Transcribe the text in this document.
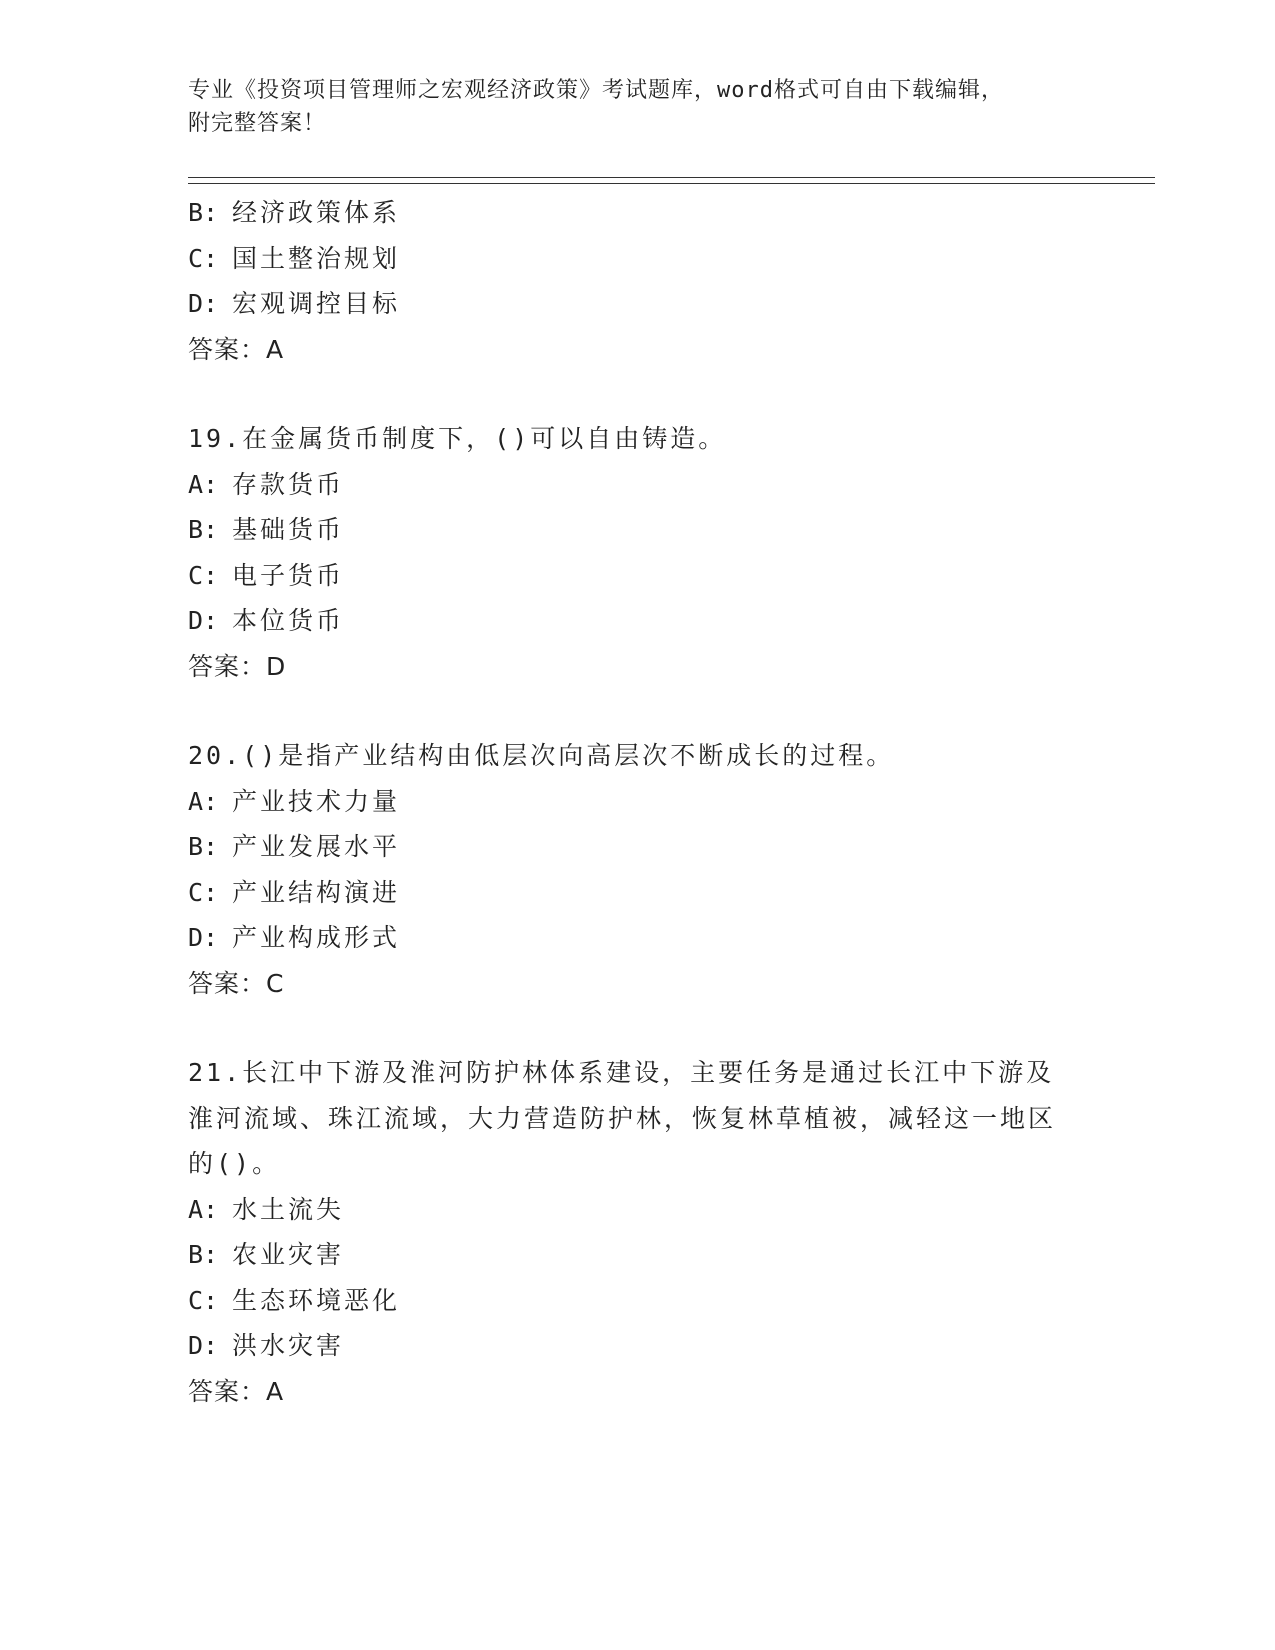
专业《投资项目管理师之宏观经济政策》考试题库，word格式可自由下载编辑，
附完整答案！
B: 经济政策体系
C: 国土整治规划
D: 宏观调控目标
答案：A
19.在金属货币制度下，()可以自由铸造。
A: 存款货币
B: 基础货币
C: 电子货币
D: 本位货币
答案：D
20.()是指产业结构由低层次向高层次不断成长的过程。
A: 产业技术力量
B: 产业发展水平
C: 产业结构演进
D: 产业构成形式
答案：C
21.长江中下游及淮河防护林体系建设，主要任务是通过长江中下游及淮河流域、珠江流域，大力营造防护林，恢复林草植被，减轻这一地区的()。
A: 水土流失
B: 农业灾害
C: 生态环境恶化
D: 洪水灾害
答案：A
